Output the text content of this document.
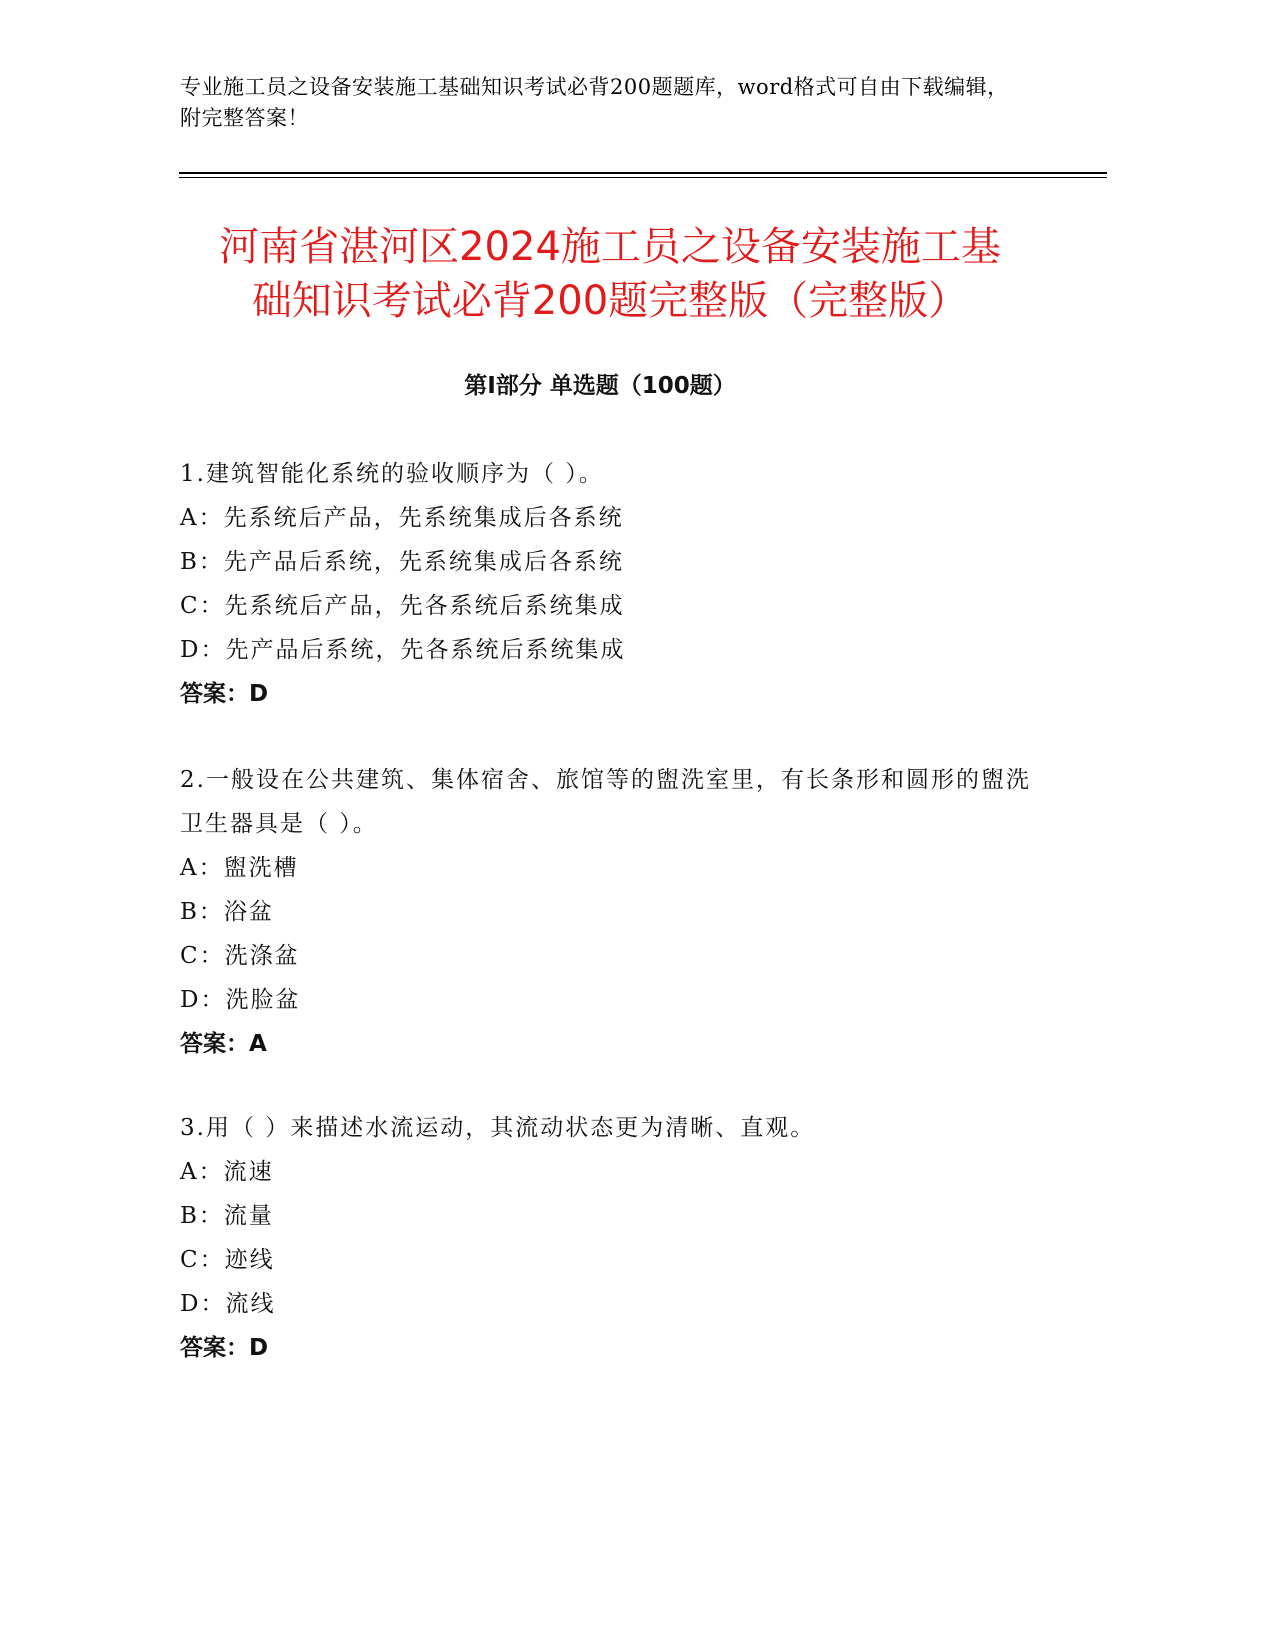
专业施工员之设备安装施工基础知识考试必背200题题库，word格式可自由下载编辑，附完整答案！
河南省湛河区2024施工员之设备安装施工基
础知识考试必背200题完整版（完整版）
第Ⅰ部分 单选题（100题）
1.建筑智能化系统的验收顺序为（ ）。
A：先系统后产品，先系统集成后各系统
B：先产品后系统，先系统集成后各系统
C：先系统后产品，先各系统后系统集成
D：先产品后系统，先各系统后系统集成
答案：D
2.一般设在公共建筑、集体宿舍、旅馆等的盥洗室里，有长条形和圆形的盥洗卫生器具是（ ）。
A：盥洗槽
B：浴盆
C：洗涤盆
D：洗脸盆
答案：A
3.用（ ）来描述水流运动，其流动状态更为清晰、直观。
A：流速
B：流量
C：迹线
D：流线
答案：D
